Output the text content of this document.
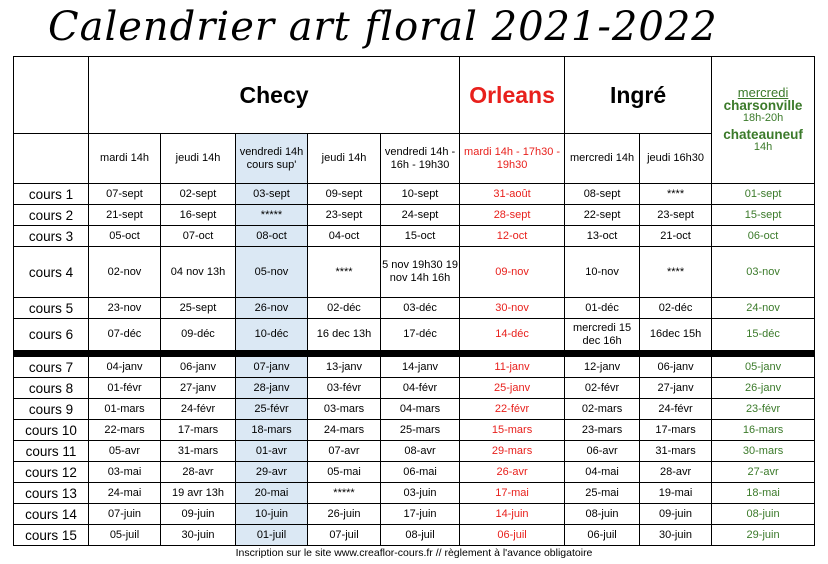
Calendrier art floral 2021-2022
	Checy					Orleans	Ingré		mercredi
charsonville
18h-20h
chateauneuf
14h

	mardi 14h	jeudi 14h	vendredi 14h cours sup'	jeudi 14h	vendredi 14h - 16h - 19h30	mardi 14h - 17h30 - 19h30	mercredi 14h	jeudi 16h30	
cours 1	07-sept	02-sept	03-sept	09-sept	10-sept	31-août	08-sept	****	01-sept
cours 2	21-sept	16-sept	*****	23-sept	24-sept	28-sept	22-sept	23-sept	15-sept
cours 3	05-oct	07-oct	08-oct	04-oct	15-oct	12-oct	13-oct	21-oct	06-oct
cours 4	02-nov	04 nov 13h	05-nov	****	5 nov 19h30 19 nov 14h 16h	09-nov	10-nov	****	03-nov
cours 5	23-nov	25-sept	26-nov	02-déc	03-déc	30-nov	01-déc	02-déc	24-nov
cours 6	07-déc	09-déc	10-déc	16 dec 13h	17-déc	14-déc	mercredi 15 dec 16h	16dec 15h	15-déc

cours 7	04-janv	06-janv	07-janv	13-janv	14-janv	11-janv	12-janv	06-janv	05-janv
cours 8	01-févr	27-janv	28-janv	03-févr	04-févr	25-janv	02-févr	27-janv	26-janv
cours 9	01-mars	24-févr	25-févr	03-mars	04-mars	22-févr	02-mars	24-févr	23-févr
cours 10	22-mars	17-mars	18-mars	24-mars	25-mars	15-mars	23-mars	17-mars	16-mars
cours 11	05-avr	31-mars	01-avr	07-avr	08-avr	29-mars	06-avr	31-mars	30-mars
cours 12	03-mai	28-avr	29-avr	05-mai	06-mai	26-avr	04-mai	28-avr	27-avr
cours 13	24-mai	19 avr 13h	20-mai	*****	03-juin	17-mai	25-mai	19-mai	18-mai
cours 14	07-juin	09-juin	10-juin	26-juin	17-juin	14-juin	08-juin	09-juin	08-juin
cours 15	05-juil	30-juin	01-juil	07-juil	08-juil	06-juil	06-juil	30-juin	29-juin
Inscription sur le site www.creaflor-cours.fr // règlement à l'avance obligatoire
